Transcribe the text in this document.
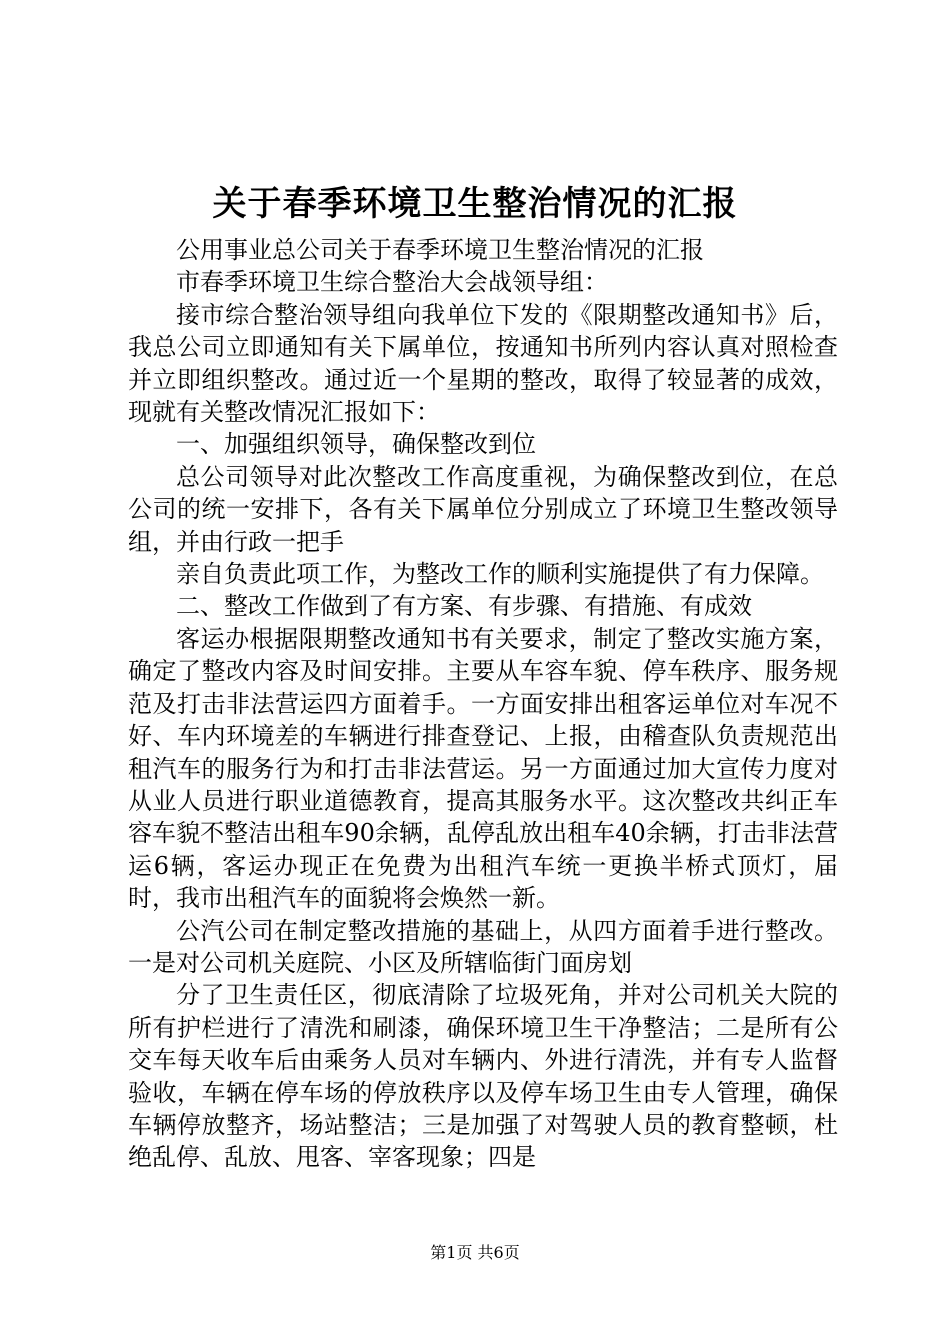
关于春季环境卫生整治情况的汇报

公用事业总公司关于春季环境卫生整治情况的汇报

市春季环境卫生综合整治大会战领导组：

接市综合整治领导组向我单位下发的《限期整改通知书》后，我总公司立即通知有关下属单位，按通知书所列内容认真对照检查并立即组织整改。通过近一个星期的整改，取得了较显著的成效，现就有关整改情况汇报如下：

一、加强组织领导，确保整改到位

总公司领导对此次整改工作高度重视，为确保整改到位，在总公司的统一安排下，各有关下属单位分别成立了环境卫生整改领导组，并由行政一把手

亲自负责此项工作，为整改工作的顺利实施提供了有力保障。

二、整改工作做到了有方案、有步骤、有措施、有成效

客运办根据限期整改通知书有关要求，制定了整改实施方案，确定了整改内容及时间安排。主要从车容车貌、停车秩序、服务规范及打击非法营运四方面着手。一方面安排出租客运单位对车况不好、车内环境差的车辆进行排查登记、上报，由稽查队负责规范出租汽车的服务行为和打击非法营运。另一方面通过加大宣传力度对从业人员进行职业道德教育，提高其服务水平。这次整改共纠正车容车貌不整洁出租车90余辆，乱停乱放出租车40余辆，打击非法营运6辆，客运办现正在免费为出租汽车统一更换半桥式顶灯，届时，我市出租汽车的面貌将会焕然一新。

公汽公司在制定整改措施的基础上，从四方面着手进行整改。一是对公司机关庭院、小区及所辖临街门面房划

分了卫生责任区，彻底清除了垃圾死角，并对公司机关大院的所有护栏进行了清洗和刷漆，确保环境卫生干净整洁；二是所有公交车每天收车后由乘务人员对车辆内、外进行清洗，并有专人监督验收，车辆在停车场的停放秩序以及停车场卫生由专人管理，确保车辆停放整齐，场站整洁；三是加强了对驾驶人员的教育整顿，杜绝乱停、乱放、甩客、宰客现象；四是

第1页 共6页
